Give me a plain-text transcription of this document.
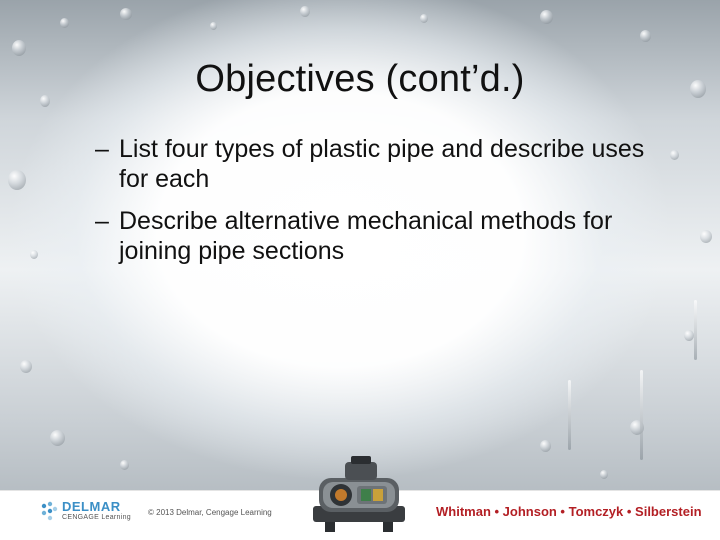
Objectives (cont’d.)
– List four types of plastic pipe and describe uses for each
– Describe alternative mechanical methods for joining pipe sections
DELMAR
CENGAGE Learning
© 2013 Delmar, Cengage Learning	Whitman • Johnson • Tomczyk • Silberstein
